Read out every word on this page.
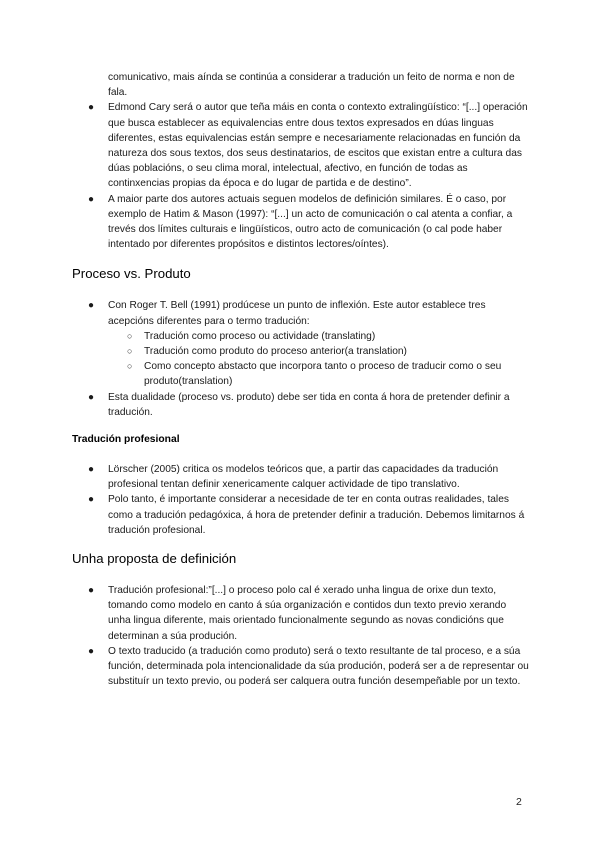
comunicativo, mais aínda se continúa a considerar a tradución un feito de norma e non de fala.
● Edmond Cary será o autor que teña máis en conta o contexto extralingüístico: “[...] operación que busca establecer as equivalencias entre dous textos expresados en dúas linguas diferentes, estas equivalencias están sempre e necesariamente relacionadas en función da natureza dos sous textos, dos seus destinatarios, de escitos que existan entre a cultura das dúas poblacións, o seu clima moral, intelectual, afectivo, en función de todas as continxencias propias da época e do lugar de partida e de destino”.
● A maior parte dos autores actuais seguen modelos de definición similares. É o caso, por exemplo de Hatim & Mason (1997): “[...] un acto de comunicación o cal atenta a confiar, a trevés dos límites culturais e lingüísticos, outro acto de comunicación (o cal pode haber intentado por diferentes propósitos e distintos lectores/oíntes).
Proceso vs. Produto
● Con Roger T. Bell (1991) prodúcese un punto de inflexión. Este autor establece tres acepcións diferentes para o termo tradución:
○ Tradución como proceso ou actividade (translating)
○ Tradución como produto do proceso anterior(a translation)
○ Como concepto abstacto que incorpora tanto o proceso de traducir como o seu produto(translation)
● Esta dualidade (proceso vs. produto) debe ser tida en conta á hora de pretender definir a tradución.
Tradución profesional
● Lörscher (2005) critica os modelos teóricos que, a partir das capacidades da tradución profesional tentan definir xenericamente calquer actividade de tipo translativo.
● Polo tanto, é importante considerar a necesidade de ter en conta outras realidades, tales como a tradución pedagóxica, á hora de pretender definir a tradución. Debemos limitarnos á tradución profesional.
Unha proposta de definición
● Tradución profesional:”[...] o proceso polo cal é xerado unha lingua de orixe dun texto, tomando como modelo en canto á súa organización e contidos dun texto previo xerando unha lingua diferente, mais orientado funcionalmente segundo as novas condicións que determinan a súa produción.
● O texto traducido (a tradución como produto) será o texto resultante de tal proceso, e a súa función, determinada pola intencionalidade da súa produción, poderá ser a de representar ou substituír un texto previo, ou poderá ser calquera outra función desempeñable por un texto.
2
